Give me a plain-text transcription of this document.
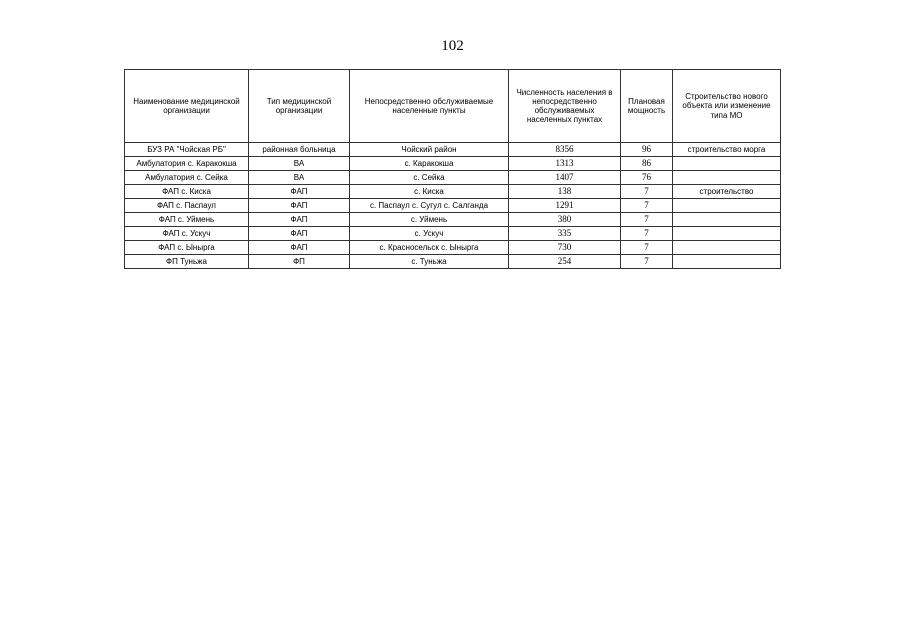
102
Наименование медицинской организации	Тип медицинской организации	Непосредственно обслуживаемые населенные пункты	Численность населения в непосредственно обслуживаемых населенных пунктах	Плановая мощность	Строительство нового объекта или изменение типа МО
БУЗ РА "Чойская РБ"	районная больница	Чойский район	8356	96	строительство морга
Амбулатория с. Каракокша	ВА	с. Каракокша	1313	86	
Амбулатория с. Сейка	ВА	с. Сейка	1407	76	
ФАП с. Киска	ФАП	с. Киска	138	7	строительство
ФАП с. Паспаул	ФАП	с. Паспаул с. Сугул с. Салганда	1291	7	
ФАП с. Уймень	ФАП	с. Уймень	380	7	
ФАП с. Ускуч	ФАП	с. Ускуч	335	7	
ФАП с. Ынырга	ФАП	с. Красносельск с. Ынырга	730	7	
ФП Туньжа	ФП	с. Туньжа	254	7	
